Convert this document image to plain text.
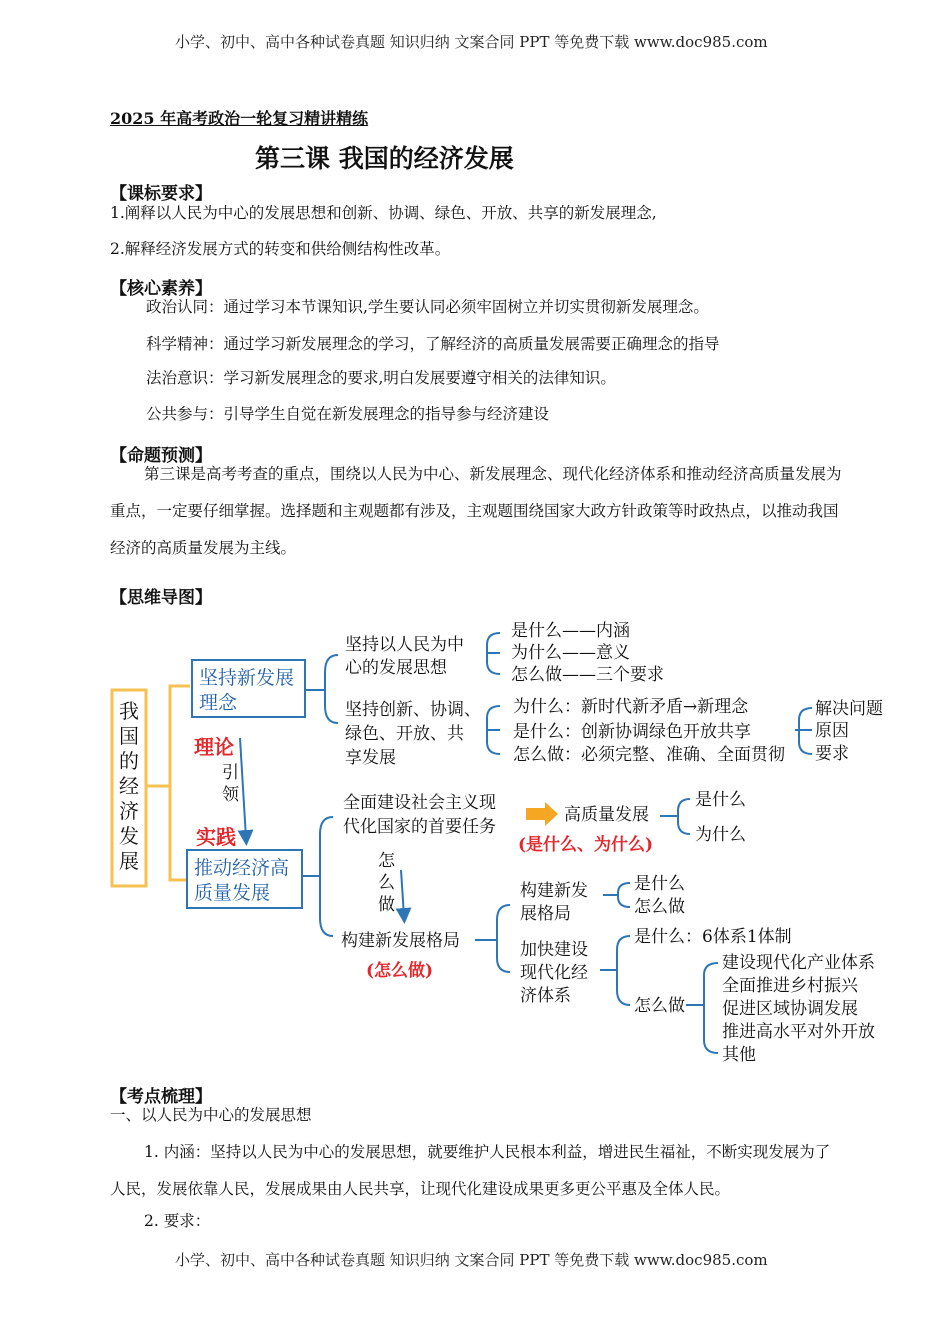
小学、初中、高中各种试卷真题 知识归纳 文案合同 PPT 等免费下载 www.doc985.com
小学、初中、高中各种试卷真题 知识归纳 文案合同 PPT 等免费下载 www.doc985.com
2025 年高考政治一轮复习精讲精练
第三课 我国的经济发展
【课标要求】
1.阐释以人民为中心的发展思想和创新、协调、绿色、开放、共享的新发展理念,
2.解释经济发展方式的转变和供给侧结构性改革。
【核心素养】
政治认同：通过学习本节课知识,学生要认同必须牢固树立并切实贯彻新发展理念。
科学精神：通过学习新发展理念的学习，了解经济的高质量发展需要正确理念的指导
法治意识：学习新发展理念的要求,明白发展要遵守相关的法律知识。
公共参与：引导学生自觉在新发展理念的指导参与经济建设
【命题预测】
第三课是高考考查的重点，围绕以人民为中心、新发展理念、现代化经济体系和推动经济高质量发展为重点，一定要仔细掌握。选择题和主观题都有涉及，主观题围绕国家大政方针政策等时政热点，以推动我国经济的高质量发展为主线。
【思维导图】
坚持新发展
理念
推动经济高
质量发展
我
国
的
经
济
发
展
理论
实践	(是什么、为什么)
(怎么做)
引
领
怎
么
做
坚持以人民为中
心的发展思想
是什么——内涵
为什么——意义
怎么做——三个要求
坚持创新、协调、
绿色、开放、共
享发展
为什么：新时代新矛盾→新理念
是什么：创新协调绿色开放共享
怎么做：必须完整、准确、全面贯彻
解决问题
原因
要求
全面建设社会主义现
代化国家的首要任务
高质量发展
是什么
为什么
构建新发展格局
构建新发
展格局
是什么
怎么做
加快建设
现代化经
济体系
是什么：6体系1体制
怎么做
建设现代化产业体系
全面推进乡村振兴
促进区域协调发展
推进高水平对外开放
其他
【考点梳理】
一、以人民为中心的发展思想
1. 内涵：坚持以人民为中心的发展思想，就要维护人民根本利益，增进民生福祉，不断实现发展为了人民，发展依靠人民，发展成果由人民共享，让现代化建设成果更多更公平惠及全体人民。
2. 要求：
